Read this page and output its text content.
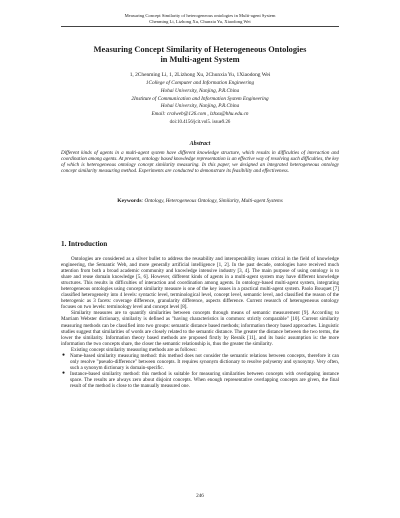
Measuring Concept Similarity of heterogeneous ontologies in Multi-agent System
Chenming Li, Lizhong Xu, Chunxia Yu, Xiaodong Wei
Measuring Concept Similarity of Heterogeneous Ontologies
in Multi-agent System
1, 2Chenming Li, 1, 2Lizhong Xu, 2Chunxia Yu, 1Xiaodong Wei
1College of Computer and Information Engineering
Hohai University, Nanjing, P.R.China
2Institute of Communication and Information System Engineering
Hohai University, Nanjing, P.R.China
Email: cralweb@126.com , lzhxu@hhu.edu.cn
doi:10.4156/jcit.vol5. issue9.26
Abstract
Different kinds of agents in a multi-agent system have different knowledge structure, which results in difficulties of interaction and coordination among agents. At present, ontology based knowledge representation is an effective way of resolving such difficulties, the key of which is heterogeneous ontology concept similarity measuring. In this paper, we designed an integrated heterogeneous ontology concept similarity measuring method. Experiments are conducted to demonstrate its feasibility and effectiveness.
Keywords: Ontology, Heterogeneous Ontology, Similarity, Multi-agent Systems
1. Introduction

Ontologies are considered as a silver bullet to address the reusability and interoperability issues critical in the field of knowledge engineering, the Semantic Web, and more generally artificial intelligence [1, 2]. In the past decade, ontologies have received much attention from both a broad academic community and knowledge intensive industry [3, 4]. The main purpose of using ontology is to share and reuse domain knowledge [5, 6]. However, different kinds of agents in a multi-agent system may have different knowledge structures. This results in difficulties of interaction and coordination among agents. In ontology-based multi-agent system, integrating heterogeneous ontologies using concept similarity measure is one of the key issues in a practical multi-agent system. Paolo Bouquet [7] classified heterogeneity into 4 levels: syntactic level, terminological level, concept level, semantic level, and classified the reason of the heterogenic as 3 facets: coverage difference, granularity difference, aspects difference. Current research of heterogeneous ontology focuses on two levels: terminology level and concept level [8].

Similarity measures are to quantify similarities between concepts through means of semantic measurement [9]. According to Marriam Webster dictionary, similarity is defined as "having characteristics in common: strictly comparable" [10]. Current similarity measuring methods can be classified into two groups: semantic distance based methods; information theory based approaches. Linguistic studies suggest that similarities of words are closely related to the semantic distance. The greater the distance between the two terms, the lower the similarity. Information theory based methods are proposed firstly by Resnik [11], and its basic assumption is: the more information the two concepts share, the closer the semantic relationship is, thus the greater the similarity.

Existing concept similarity measuring methods are as follows:

● Name-based similarity measuring method: this method does not consider the semantic relations between concepts, therefore it can only resolve "pseudo-difference" between concepts. It requires synonym dictionary to resolve polysemy and synonymy. Very often, such a synonym dictionary is domain-specific.
● Instance-based similarity method: this method is suitable for measuring similarities between concepts with overlapping instance space. The results are always zero about disjoint concepts. When enough representative overlapping concepts are given, the final result of the method is close to the manually measured one.
246
